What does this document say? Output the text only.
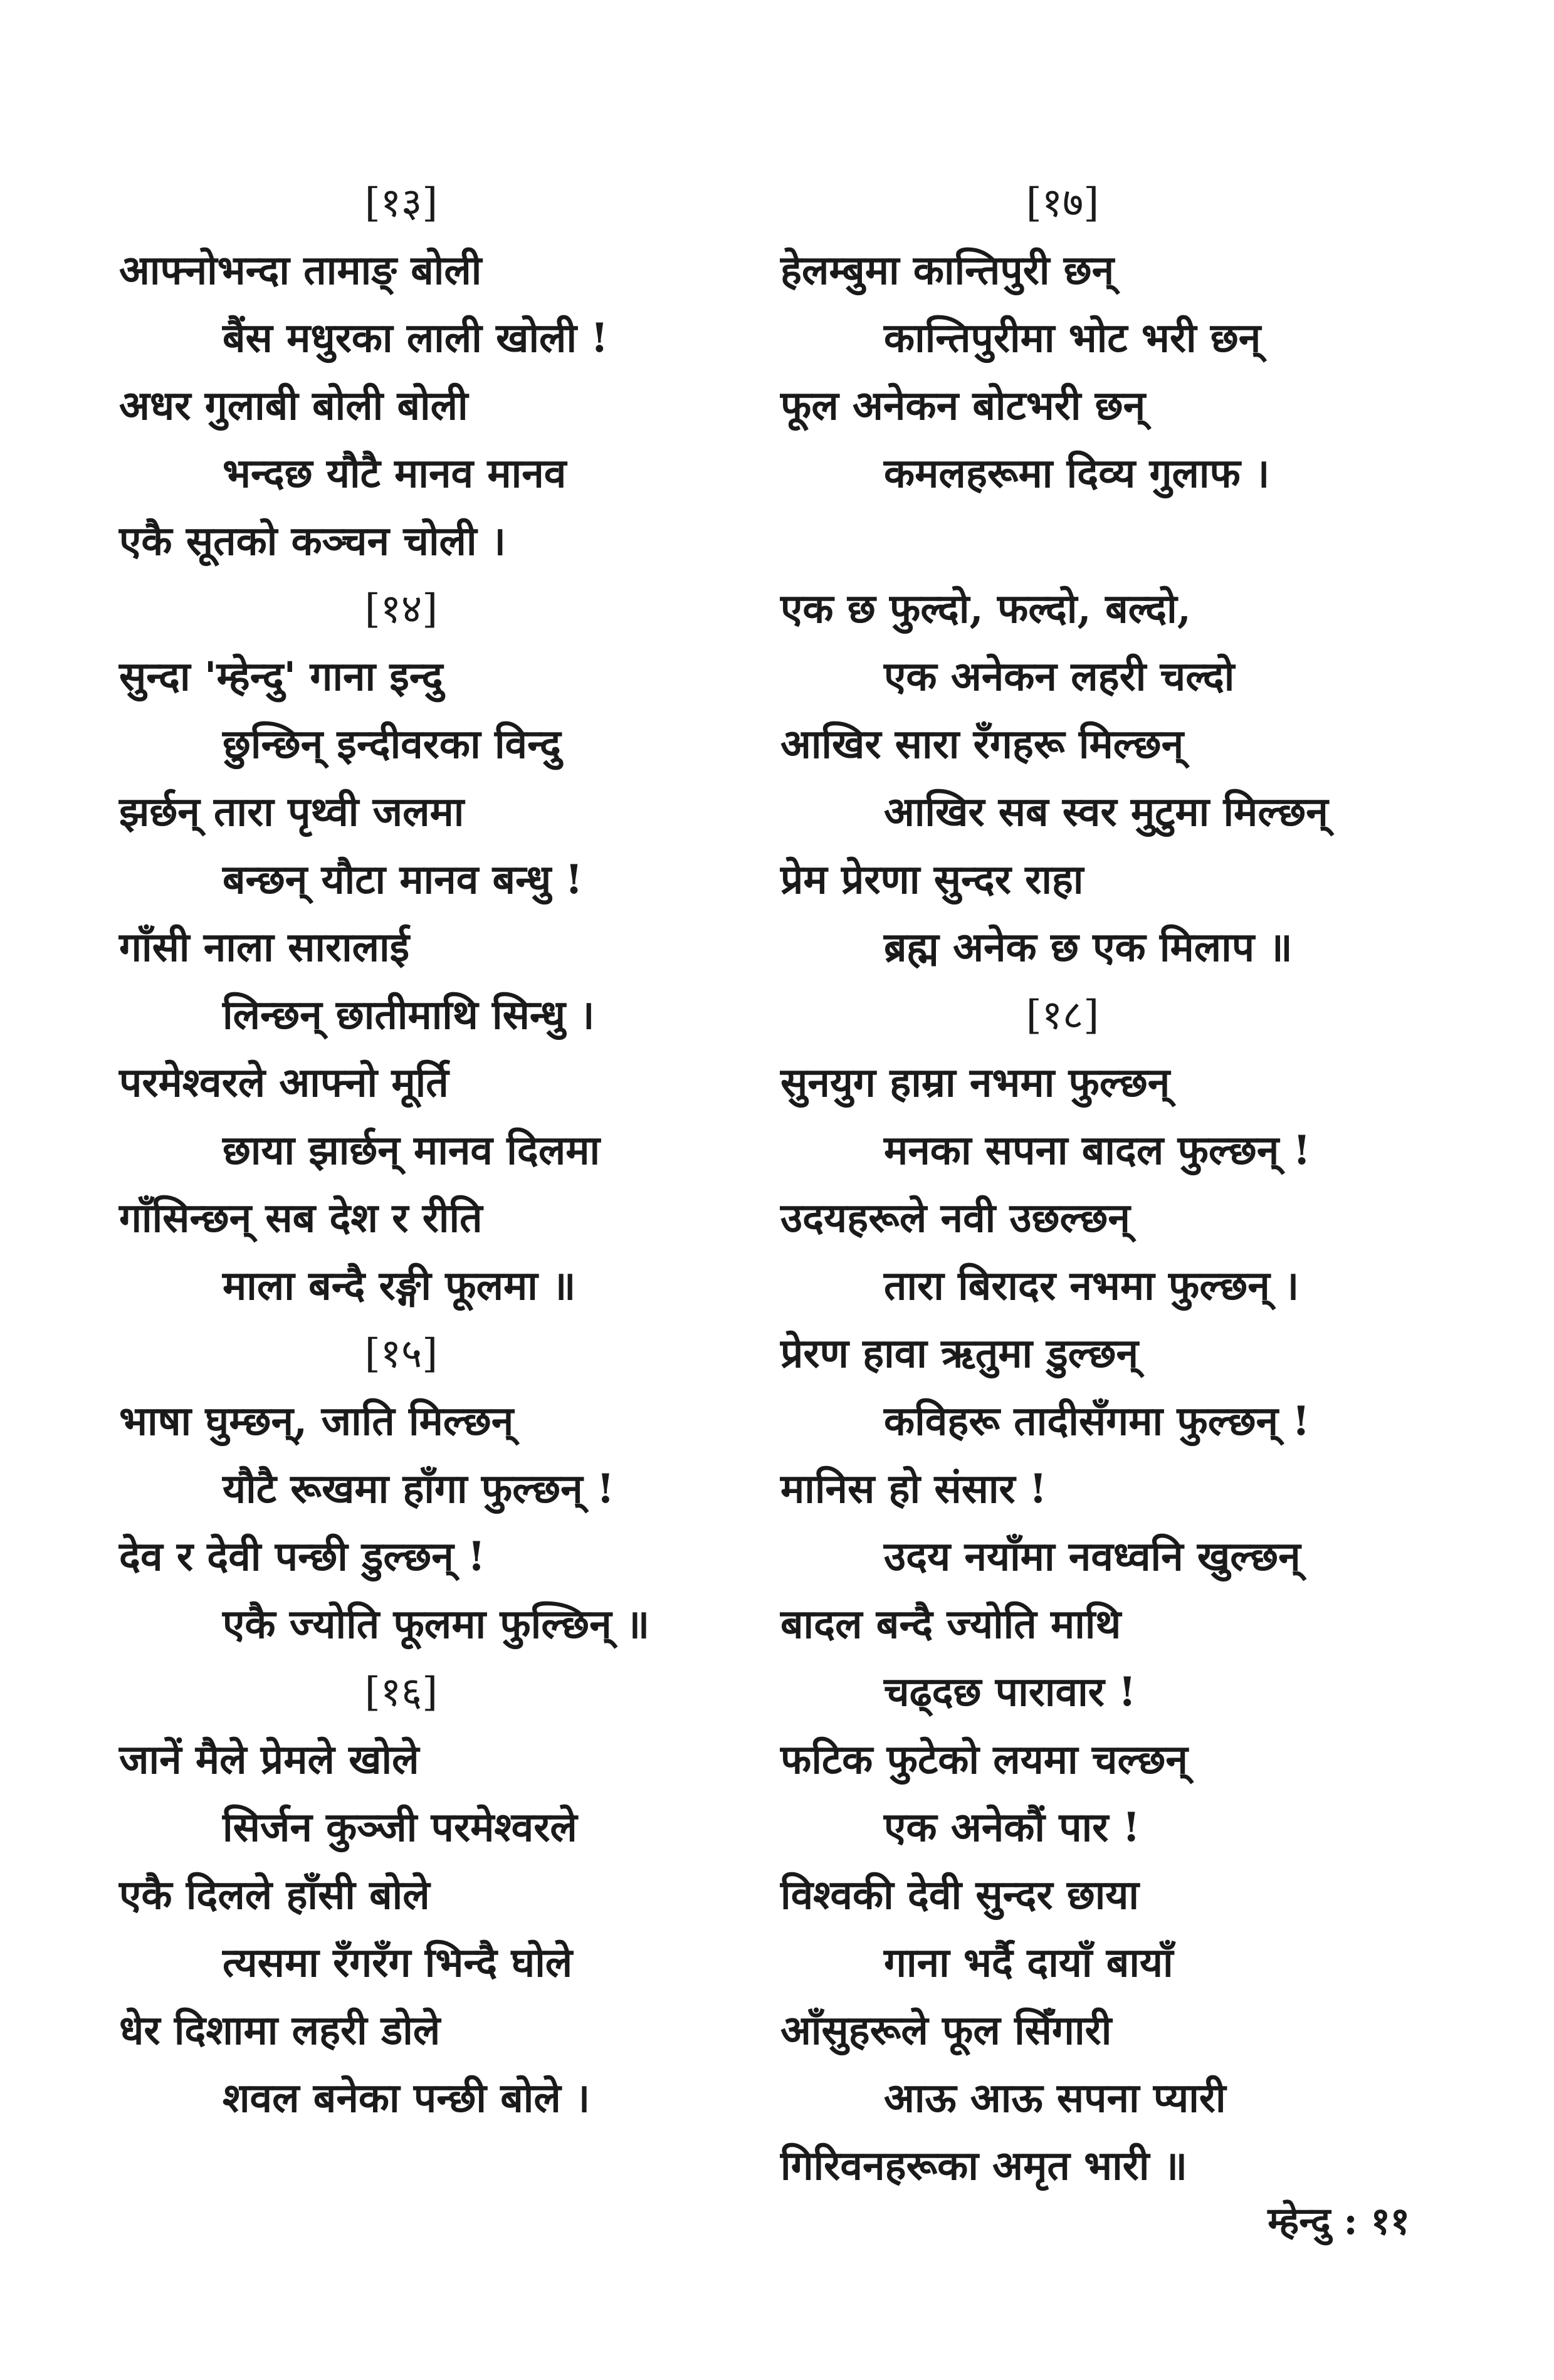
[१३]
आफ्नोभन्दा तामाङ् बोली
बैंस मधुरका लाली खोली !
अधर गुलाबी बोली बोली
भन्दछ यौटै मानव मानव
एकै सूतको कञ्चन चोली ।
[१४]
सुन्दा 'म्हेन्दु' गाना इन्दु
छुन्छिन् इन्दीवरका विन्दु
झर्छन् तारा पृथ्वी जलमा
बन्छन् यौटा मानव बन्धु !
गाँसी नाला सारालाई
लिन्छन् छातीमाथि सिन्धु ।
परमेश्वरले आफ्नो मूर्ति
छाया झार्छन् मानव दिलमा
गाँसिन्छन् सब देश र रीति
माला बन्दै रङ्गी फूलमा ॥
[१५]
भाषा घुम्छन्, जाति मिल्छन्
यौटै रूखमा हाँगा फुल्छन् !
देव र देवी पन्छी डुल्छन् !
एकै ज्योति फूलमा फुल्छिन् ॥
[१६]
जानें मैले प्रेमले खोले
सिर्जन कुञ्जी परमेश्वरले
एकै दिलले हाँसी बोले
त्यसमा रँगरँग भिन्दै घोले
धेर दिशामा लहरी डोले
शवल बनेका पन्छी बोले ।
[१७]
हेलम्बुमा कान्तिपुरी छन्
कान्तिपुरीमा भोट भरी छन्
फूल अनेकन बोटभरी छन्
कमलहरूमा दिव्य गुलाफ ।
एक छ फुल्दो, फल्दो, बल्दो,
एक अनेकन लहरी चल्दो
आखिर सारा रँगहरू मिल्छन्
आखिर सब स्वर मुटुमा मिल्छन्
प्रेम प्रेरणा सुन्दर राहा
ब्रह्म अनेक छ एक मिलाप ॥
[१८]
सुनयुग हाम्रा नभमा फुल्छन्
मनका सपना बादल फुल्छन् !
उदयहरूले नवी उछल्छन्
तारा बिरादर नभमा फुल्छन् ।
प्रेरण हावा ऋतुमा डुल्छन्
कविहरू तादीसँगमा फुल्छन् !
मानिस हो संसार !
उदय नयाँमा नवध्वनि खुल्छन्
बादल बन्दै ज्योति माथि
चढ्दछ पारावार !
फटिक फुटेको लयमा चल्छन्
एक अनेकौं पार !
विश्वकी देवी सुन्दर छाया
गाना भर्दै दायाँ बायाँ
आँसुहरूले फूल सिँगारी
आऊ आऊ सपना प्यारी
गिरिवनहरूका अमृत भारी ॥
म्हेन्दु : ११
